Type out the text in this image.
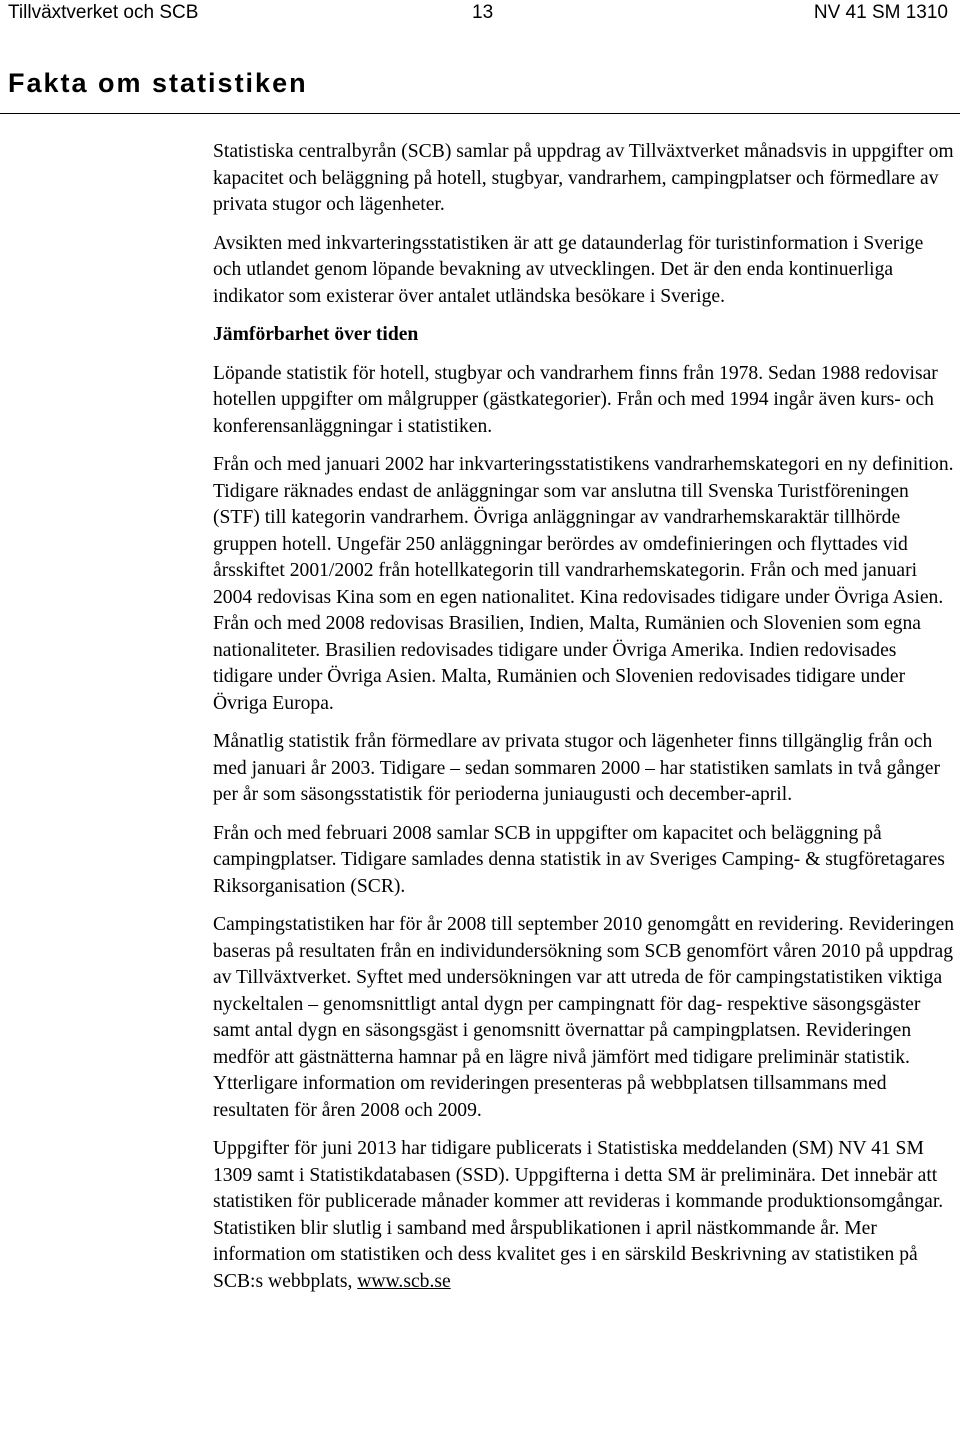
Tillväxtverket och SCB	13	NV 41 SM 1310
Fakta om statistiken

Statistiska centralbyrån (SCB) samlar på uppdrag av Tillväxtverket månadsvis in uppgifter om kapacitet och beläggning på hotell, stugbyar, vandrarhem, campingplatser och förmedlare av privata stugor och lägenheter.

Avsikten med inkvarteringsstatistiken är att ge dataunderlag för turistinformation i Sverige och utlandet genom löpande bevakning av utvecklingen. Det är den enda kontinuerliga indikator som existerar över antalet utländska besökare i Sverige.

Jämförbarhet över tiden

Löpande statistik för hotell, stugbyar och vandrarhem finns från 1978. Sedan 1988 redovisar hotellen uppgifter om målgrupper (gästkategorier). Från och med 1994 ingår även kurs- och konferensanläggningar i statistiken.

Från och med januari 2002 har inkvarteringsstatistikens vandrarhemskategori en ny definition. Tidigare räknades endast de anläggningar som var anslutna till Svenska Turistföreningen (STF) till kategorin vandrarhem. Övriga anläggningar av vandrarhemskaraktär tillhörde gruppen hotell. Ungefär 250 anläggningar berördes av omdefinieringen och flyttades vid årsskiftet 2001/2002 från hotellkategorin till vandrarhemskategorin. Från och med januari 2004 redovisas Kina som en egen nationalitet. Kina redovisades tidigare under Övriga Asien. Från och med 2008 redovisas Brasilien, Indien, Malta, Rumänien och Slovenien som egna nationaliteter. Brasilien redovisades tidigare under Övriga Amerika. Indien redovisades tidigare under Övriga Asien. Malta, Rumänien och Slovenien redovisades tidigare under Övriga Europa.

Månatlig statistik från förmedlare av privata stugor och lägenheter finns tillgänglig från och med januari år 2003. Tidigare – sedan sommaren 2000 – har statistiken samlats in två gånger per år som säsongsstatistik för perioderna juniaugusti och december-april.

Från och med februari 2008 samlar SCB in uppgifter om kapacitet och beläggning på campingplatser. Tidigare samlades denna statistik in av Sveriges Camping- & stugföretagares Riksorganisation (SCR).

Campingstatistiken har för år 2008 till september 2010 genomgått en revidering. Revideringen baseras på resultaten från en individundersökning som SCB genomfört våren 2010 på uppdrag av Tillväxtverket. Syftet med undersökningen var att utreda de för campingstatistiken viktiga nyckeltalen – genomsnittligt antal dygn per campingnatt för dag- respektive säsongsgäster samt antal dygn en säsongsgäst i genomsnitt övernattar på campingplatsen. Revideringen medför att gästnätterna hamnar på en lägre nivå jämfört med tidigare preliminär statistik. Ytterligare information om revideringen presenteras på webbplatsen tillsammans med resultaten för åren 2008 och 2009.

Uppgifter för juni 2013 har tidigare publicerats i Statistiska meddelanden (SM) NV 41 SM 1309 samt i Statistikdatabasen (SSD). Uppgifterna i detta SM är preliminära. Det innebär att statistiken för publicerade månader kommer att revideras i kommande produktionsomgångar. Statistiken blir slutlig i samband med årspublikationen i april nästkommande år. Mer information om statistiken och dess kvalitet ges i en särskild Beskrivning av statistiken på SCB:s webbplats, www.scb.se
